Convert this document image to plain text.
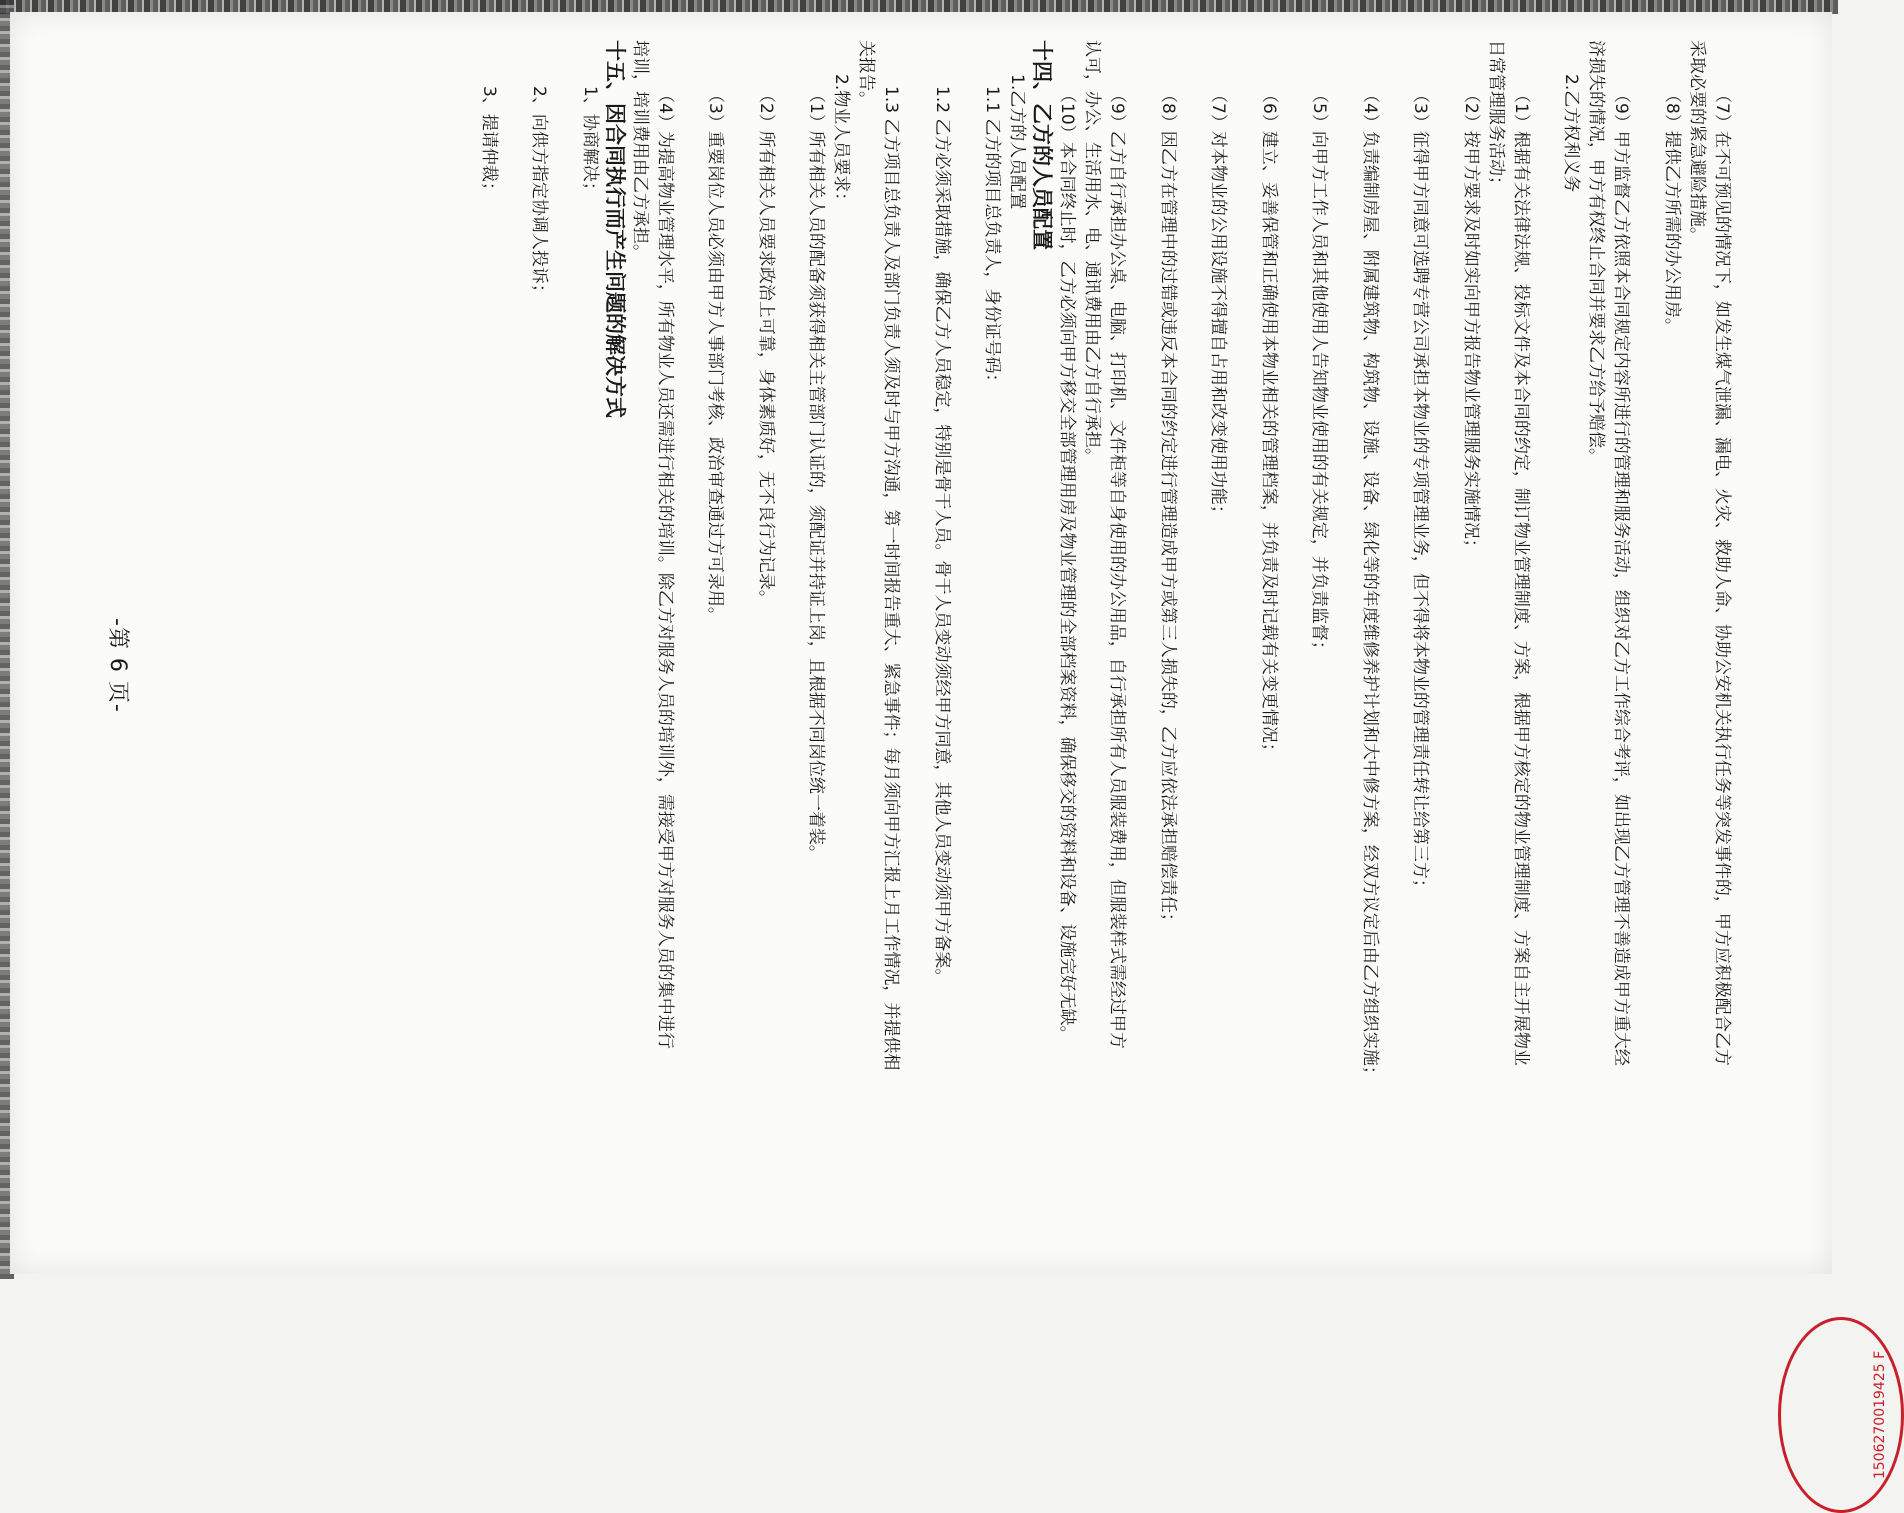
1506270019425 F
（7）在不可预见的情况下，如发生煤气泄漏、漏电、火灾、救助人命、协助公安机关执行任务等突发事件的，甲方应积极配合乙方
采取必要的紧急避险措施。
（8）提供乙方所需的办公用房。
（9）甲方监督乙方依照本合同规定内容所进行的管理和服务活动，组织对乙方工作综合考评，如出现乙方管理不善造成甲方重大经
济损失的情况，甲方有权终止合同并要求乙方给予赔偿。
2.乙方权利义务
（1）根据有关法律法规、投标文件及本合同的约定，制订物业管理制度、方案，根据甲方核定的物业管理制度、方案自主开展物业
日常管理服务活动；
（2）按甲方要求及时如实向甲方报告物业管理服务实施情况；
（3）征得甲方同意可选聘专营公司承担本物业的专项管理业务，但不得将本物业的管理责任转让给第三方；
（4）负责编制房屋、附属建筑物、构筑物、设施、设备、绿化等的年度维修养护计划和大中修方案，经双方议定后由乙方组织实施；
（5）向甲方工作人员和其他使用人告知物业使用的有关规定，并负责监督；
（6）建立、妥善保管和正确使用本物业相关的管理档案，并负责及时记载有关变更情况；
（7）对本物业的公用设施不得擅自占用和改变使用功能；
（8）因乙方在管理中的过错或违反本合同的约定进行管理造成甲方或第三人损失的，乙方应依法承担赔偿责任；
（9）乙方自行承担办公桌、电脑、打印机、文件柜等自身使用的办公用品，自行承担所有人员服装费用，但服装样式需经过甲方
认可，办公、生活用水、电、通讯费用由乙方自行承担。
（10）本合同终止时，乙方必须向甲方移交全部管理用房及物业管理的全部档案资料，确保移交的资料和设备、设施完好无缺。
十四、乙方的人员配置
1.乙方的人员配置
1.1 乙方的项目总负责人，身份证号码：
1.2 乙方必须采取措施，确保乙方人员稳定，特别是骨干人员。骨干人员变动须经甲方同意，其他人员变动须甲方备案。
1.3 乙方项目总负责人及部门负责人须及时与甲方沟通，第一时间报告重大、紧急事件；每月须向甲方汇报上月工作情况，并提供相
关报告。
2.物业人员要求：
（1）所有相关人员的配备须获得相关主管部门认证的，须配证并持证上岗，且根据不同岗位统一着装。
（2）所有相关人员要求政治上可靠，身体素质好，无不良行为记录。
（3）重要岗位人员必须由甲方人事部门考核、政治审查通过方可录用。
（4）为提高物业管理水平，所有物业人员还需进行相关的培训。除乙方对服务人员的培训外，需接受甲方对服务人员的集中进行
培训，培训费用由乙方承担。
十五、因合同执行而产生问题的解决方式
1、协商解决；
2、向供方指定协调人投诉；
3、提请仲裁；
-第 6 页-
